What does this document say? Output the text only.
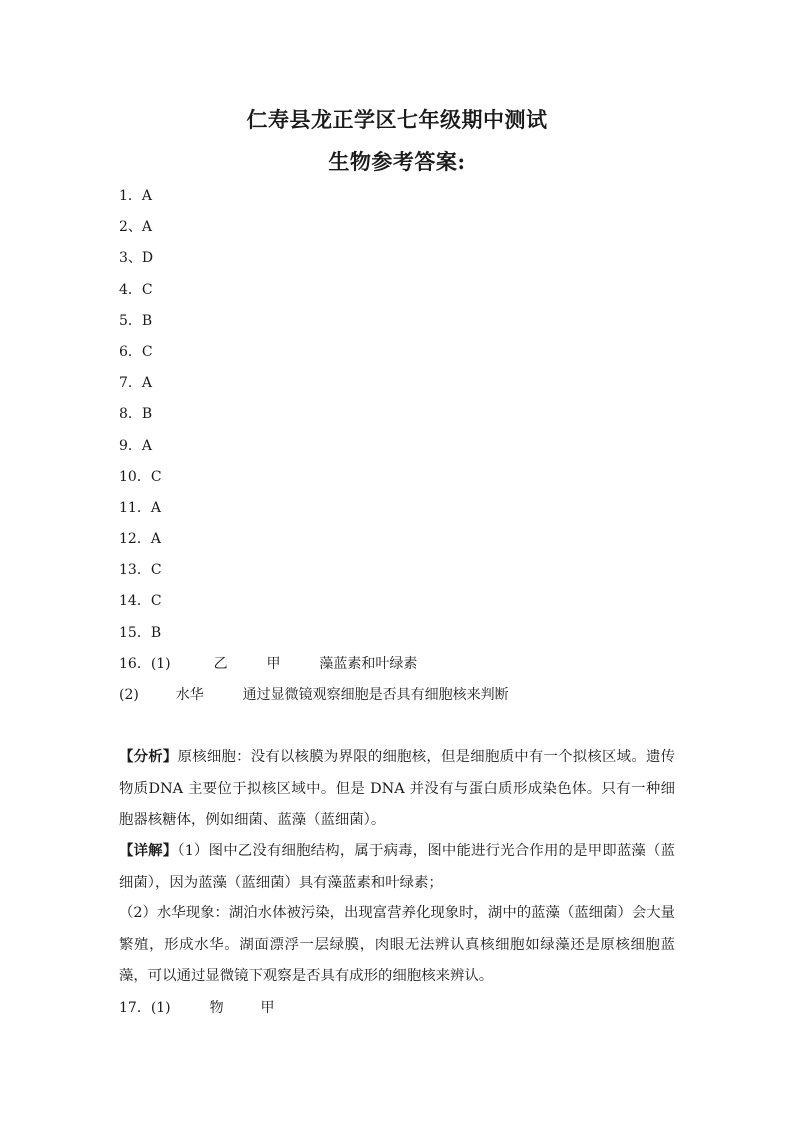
仁寿县龙正学区七年级期中测试
生物参考答案:
1．A
2、A
3、D
4．C
5．B
6．C
7．A
8．B
9．A
10．C
11．A
12．A
13．C
14．C
15．B
16．(1)	乙	甲	藻蓝素和叶绿素
(2)	水华	通过显微镜观察细胞是否具有细胞核来判断
【分析】原核细胞：没有以核膜为界限的细胞核，但是细胞质中有一个拟核区域。遗传物质DNA 主要位于拟核区域中。但是 DNA 并没有与蛋白质形成染色体。只有一种细胞器核糖体，例如细菌、蓝藻（蓝细菌）。
【详解】（1）图中乙没有细胞结构，属于病毒，图中能进行光合作用的是甲即蓝藻（蓝细菌），因为蓝藻（蓝细菌）具有藻蓝素和叶绿素；
（2）水华现象：湖泊水体被污染，出现富营养化现象时，湖中的蓝藻（蓝细菌）会大量繁殖，形成水华。湖面漂浮一层绿膜，肉眼无法辨认真核细胞如绿藻还是原核细胞蓝藻，可以通过显微镜下观察是否具有成形的细胞核来辨认。
17．(1)	物	甲
